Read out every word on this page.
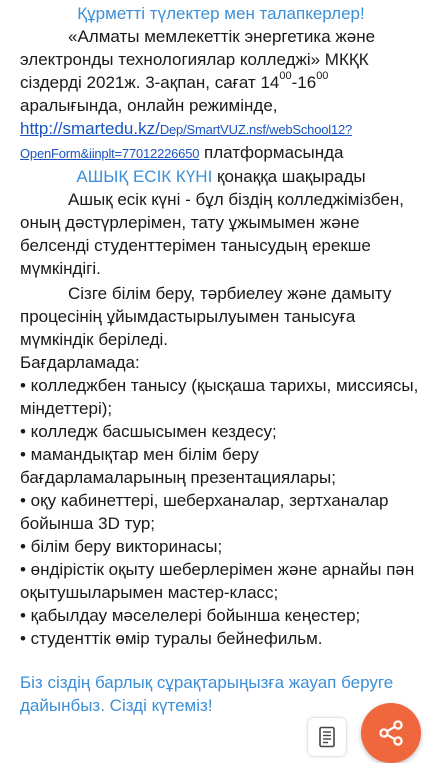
Құрметті түлектер мен талапкерлер!

«Алматы мемлекеттік энергетика және электронды технологиялар колледжі» МКҚК сіздерді 2021ж. 3-ақпан, сағат $14^{00}-16^{00}$ аралығында, онлайн режимінде,
http://smartedu.kz/Dep/SmartVUZ.nsf/webSchool12?
OpenForm&iinplt=77012226650 платформасында

АШЫҚ ЕСІК КҮНІ қонаққа шақырады

Ашық есік күні - бұл біздің колледжімізбен, оның дәстүрлерімен, тату ұжымымен және белсенді студенттерімен танысудың ерекше мүмкіндігі.

Сізге білім беру, тәрбиелеу және дамыту процесінің ұйымдастырылуымен танысуға мүмкіндік беріледі.

Бағдарламада:

• колледжбен танысу (қысқаша тарихы, миссиясы, міндеттері);

• колледж басшысымен кездесу;

• мамандықтар мен білім беру бағдарламаларының презентациялары;

• оқу кабинеттері, шеберханалар, зертханалар бойынша 3D тур;

• білім беру викторинасы;

• өндірістік оқыту шеберлерімен және арнайы пән оқытушыларымен мастер-класс;

• қабылдау мәселелері бойынша кеңестер;

• студенттік өмір туралы бейнефильм.

Біз сіздің барлық сұрақтарыңызға жауап беруге дайынбыз. Сізді күтеміз!
